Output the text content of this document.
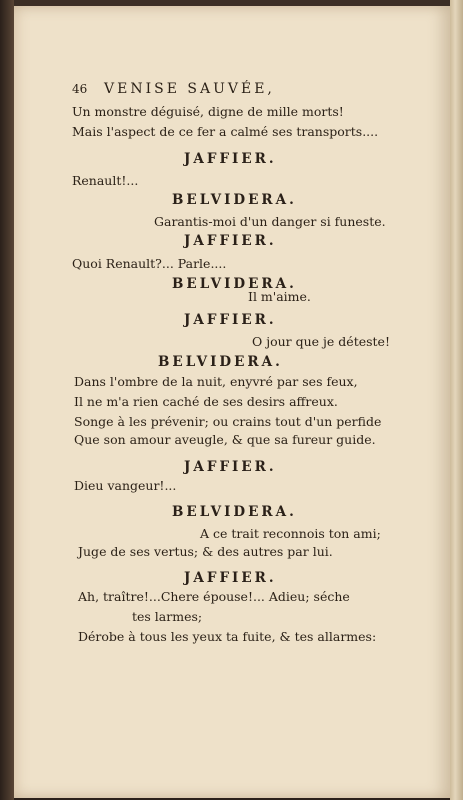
46 VENISE SAUVÉE,
Un monstre déguisé, digne de mille morts!
Mais l'aspect de ce fer a calmé ses transports....
JAFFIER.
Renault!...
BELVIDERA.
Garantis-moi d'un danger si funeste.
JAFFIER.
Quoi Renault?... Parle....
BELVIDERA.
Il m'aime.
JAFFIER.
O jour que je déteste!
BELVIDERA.
Dans l'ombre de la nuit, enyvré par ses feux,
Il ne m'a rien caché de ses desirs affreux.
Songe à les prévenir; ou crains tout d'un perfide
Que son amour aveugle, & que sa fureur guide.
JAFFIER.
Dieu vangeur!...
BELVIDERA.
A ce trait reconnois ton ami;
Juge de ses vertus; & des autres par lui.
JAFFIER.
Ah, traître!...Chere épouse!... Adieu; séche
tes larmes;
Dérobe à tous les yeux ta fuite, & tes allarmes:
